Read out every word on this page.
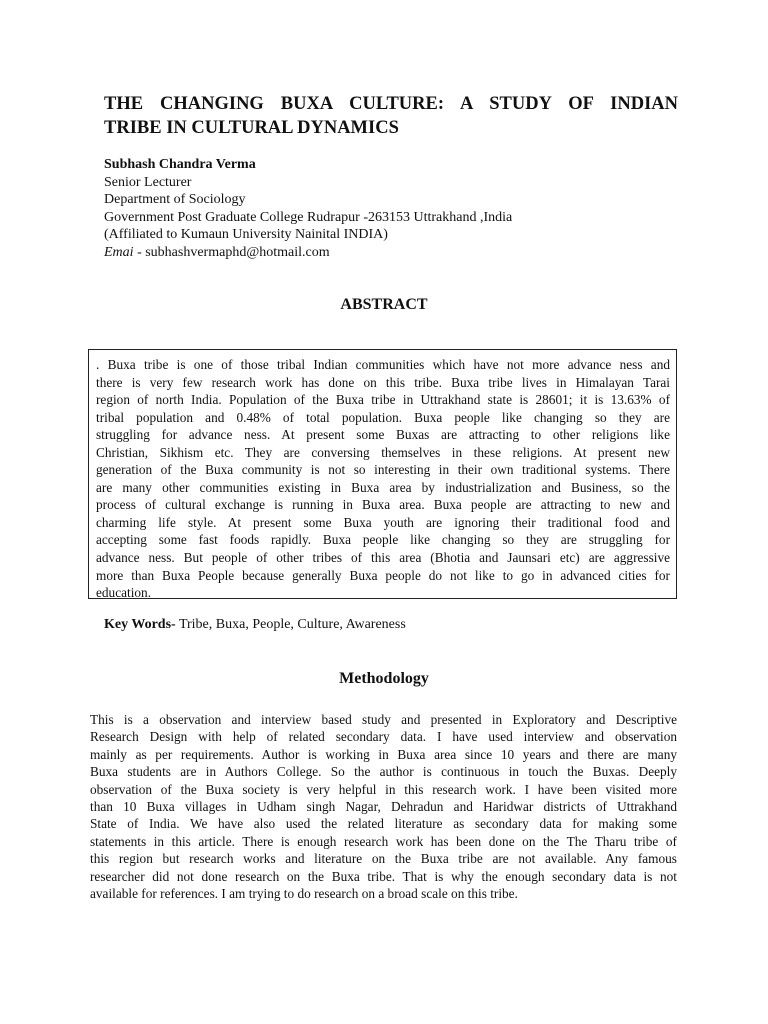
THE CHANGING BUXA CULTURE: A STUDY OF INDIAN
TRIBE IN CULTURAL DYNAMICS
Subhash Chandra Verma
Senior Lecturer
Department of Sociology
Government Post Graduate College Rudrapur -263153 Uttrakhand ,India
(Affiliated to Kumaun University Nainital INDIA)
Emai - subhashvermaphd@hotmail.com
ABSTRACT
. Buxa tribe is one of those tribal Indian communities which have not more advance ness and
there is very few research work has done on this tribe. Buxa tribe lives in Himalayan Tarai
region of north India. Population of the Buxa tribe in Uttrakhand state is 28601; it is 13.63% of
tribal population and 0.48% of total population. Buxa people like changing so they are
struggling for advance ness. At present some Buxas are attracting to other religions like
Christian, Sikhism etc. They are conversing themselves in these religions. At present new
generation of the Buxa community is not so interesting in their own traditional systems. There
are many other communities existing in Buxa area by industrialization and Business, so the
process of cultural exchange is running in Buxa area. Buxa people are attracting to new and
charming life style. At present some Buxa youth are ignoring their traditional food and
accepting some fast foods rapidly. Buxa people like changing so they are struggling for
advance ness. But people of other tribes of this area (Bhotia and Jaunsari etc) are aggressive
more than Buxa People because generally Buxa people do not like to go in advanced cities for
education.
Key Words- Tribe, Buxa, People, Culture, Awareness
Methodology
This is a observation and interview based study and presented in Exploratory and Descriptive
Research Design with help of related secondary data. I have used interview and observation
mainly as per requirements. Author is working in Buxa area since 10 years and there are many
Buxa students are in Authors College. So the author is continuous in touch the Buxas. Deeply
observation of the Buxa society is very helpful in this research work. I have been visited more
than 10 Buxa villages in Udham singh Nagar, Dehradun and Haridwar districts of Uttrakhand
State of India. We have also used the related literature as secondary data for making some
statements in this article. There is enough research work has been done on the The Tharu tribe of
this region but research works and literature on the Buxa tribe are not available. Any famous
researcher did not done research on the Buxa tribe. That is why the enough secondary data is not
available for references. I am trying to do research on a broad scale on this tribe.
